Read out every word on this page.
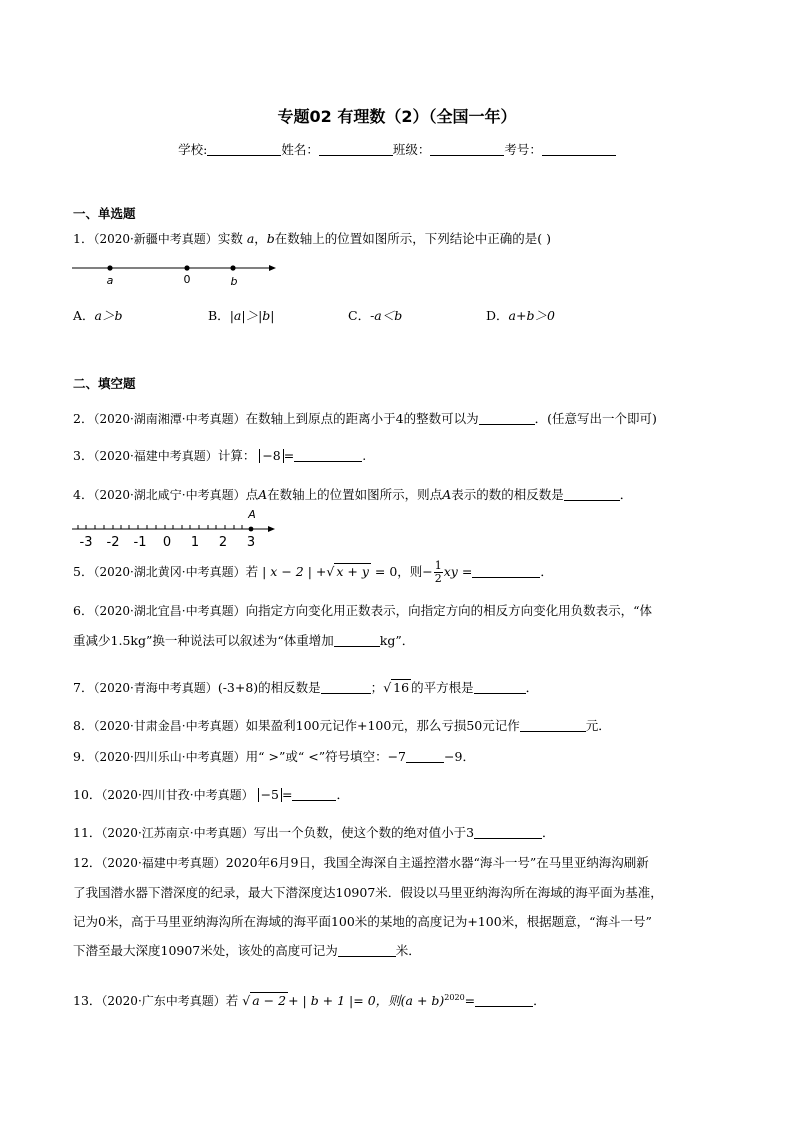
专题02 有理数（2）（全国一年）
学校:	姓名：	班级：	考号：
一、单选题
1．（2020·新疆中考真题）实数 a，b在数轴上的位置如图所示，下列结论中正确的是( )
a	0	b
A．a＞b	B．|a|＞|b|	C．-a＜b	D．a+b＞0
二、填空题
2．（2020·湖南湘潭·中考真题）在数轴上到原点的距离小于4的整数可以为	．(任意写出一个即可)
3．（2020·福建中考真题）计算： −8 =	.
4．（2020·湖北咸宁·中考真题）点A在数轴上的位置如图所示，则点A表示的数的相反数是	．
A
-3 -2 -1 0 1 2 3
5．（2020·湖北黄冈·中考真题）若 | x − 2 | +√ x + y = 0，则− $\frac{1}{2}$ xy =	．
6．（2020·湖北宜昌·中考真题）向指定方向变化用正数表示，向指定方向的相反方向变化用负数表示，“体
重减少1.5kg”换一种说法可以叙述为“体重增加	kg”．
7．（2020·青海中考真题）(-3+8)的相反数是	；√ 16 的平方根是	．
8．（2020·甘肃金昌·中考真题）如果盈利100元记作+100元，那么亏损50元记作	元．
9．（2020·四川乐山·中考真题）用“ >”或“ <”符号填空：−7	−9．
10．（2020·四川甘孜·中考真题） −5 =	．
11．（2020·江苏南京·中考真题）写出一个负数，使这个数的绝对值小于3	．
12．（2020·福建中考真题）2020年6月9日，我国全海深自主遥控潜水器“海斗一号”在马里亚纳海沟刷新
了我国潜水器下潜深度的纪录，最大下潜深度达10907米．假设以马里亚纳海沟所在海域的海平面为基准，
记为0米，高于马里亚纳海沟所在海域的海平面100米的某地的高度记为+100米，根据题意，“海斗一号”
下潜至最大深度10907米处，该处的高度可记为	米．
13．（2020·广东中考真题）若 √ a − 2 + | b + 1 |= 0，则$(a + b)^{2020}=$	．
